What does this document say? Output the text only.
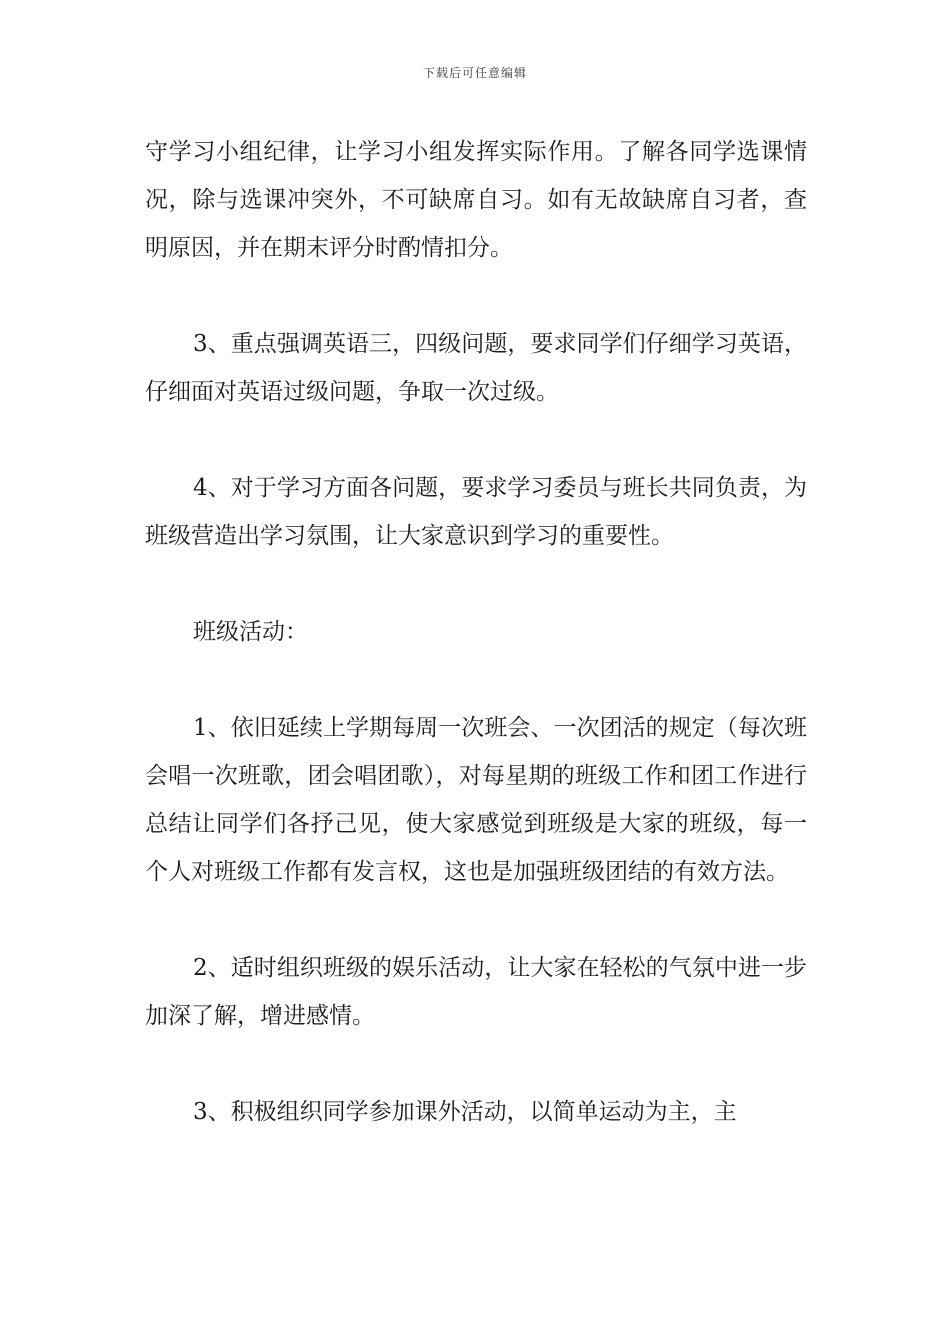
下载后可任意编辑

守学习小组纪律，让学习小组发挥实际作用。了解各同学选课情况，除与选课冲突外，不可缺席自习。如有无故缺席自习者，查明原因，并在期末评分时酌情扣分。

3、重点强调英语三，四级问题，要求同学们仔细学习英语，仔细面对英语过级问题，争取一次过级。

4、对于学习方面各问题，要求学习委员与班长共同负责，为班级营造出学习氛围，让大家意识到学习的重要性。

班级活动：

1、依旧延续上学期每周一次班会、一次团活的规定（每次班会唱一次班歌，团会唱团歌），对每星期的班级工作和团工作进行总结让同学们各抒己见，使大家感觉到班级是大家的班级，每一个人对班级工作都有发言权，这也是加强班级团结的有效方法。

2、适时组织班级的娱乐活动，让大家在轻松的气氛中进一步加深了解，增进感情。

3、积极组织同学参加课外活动，以简单运动为主，主
